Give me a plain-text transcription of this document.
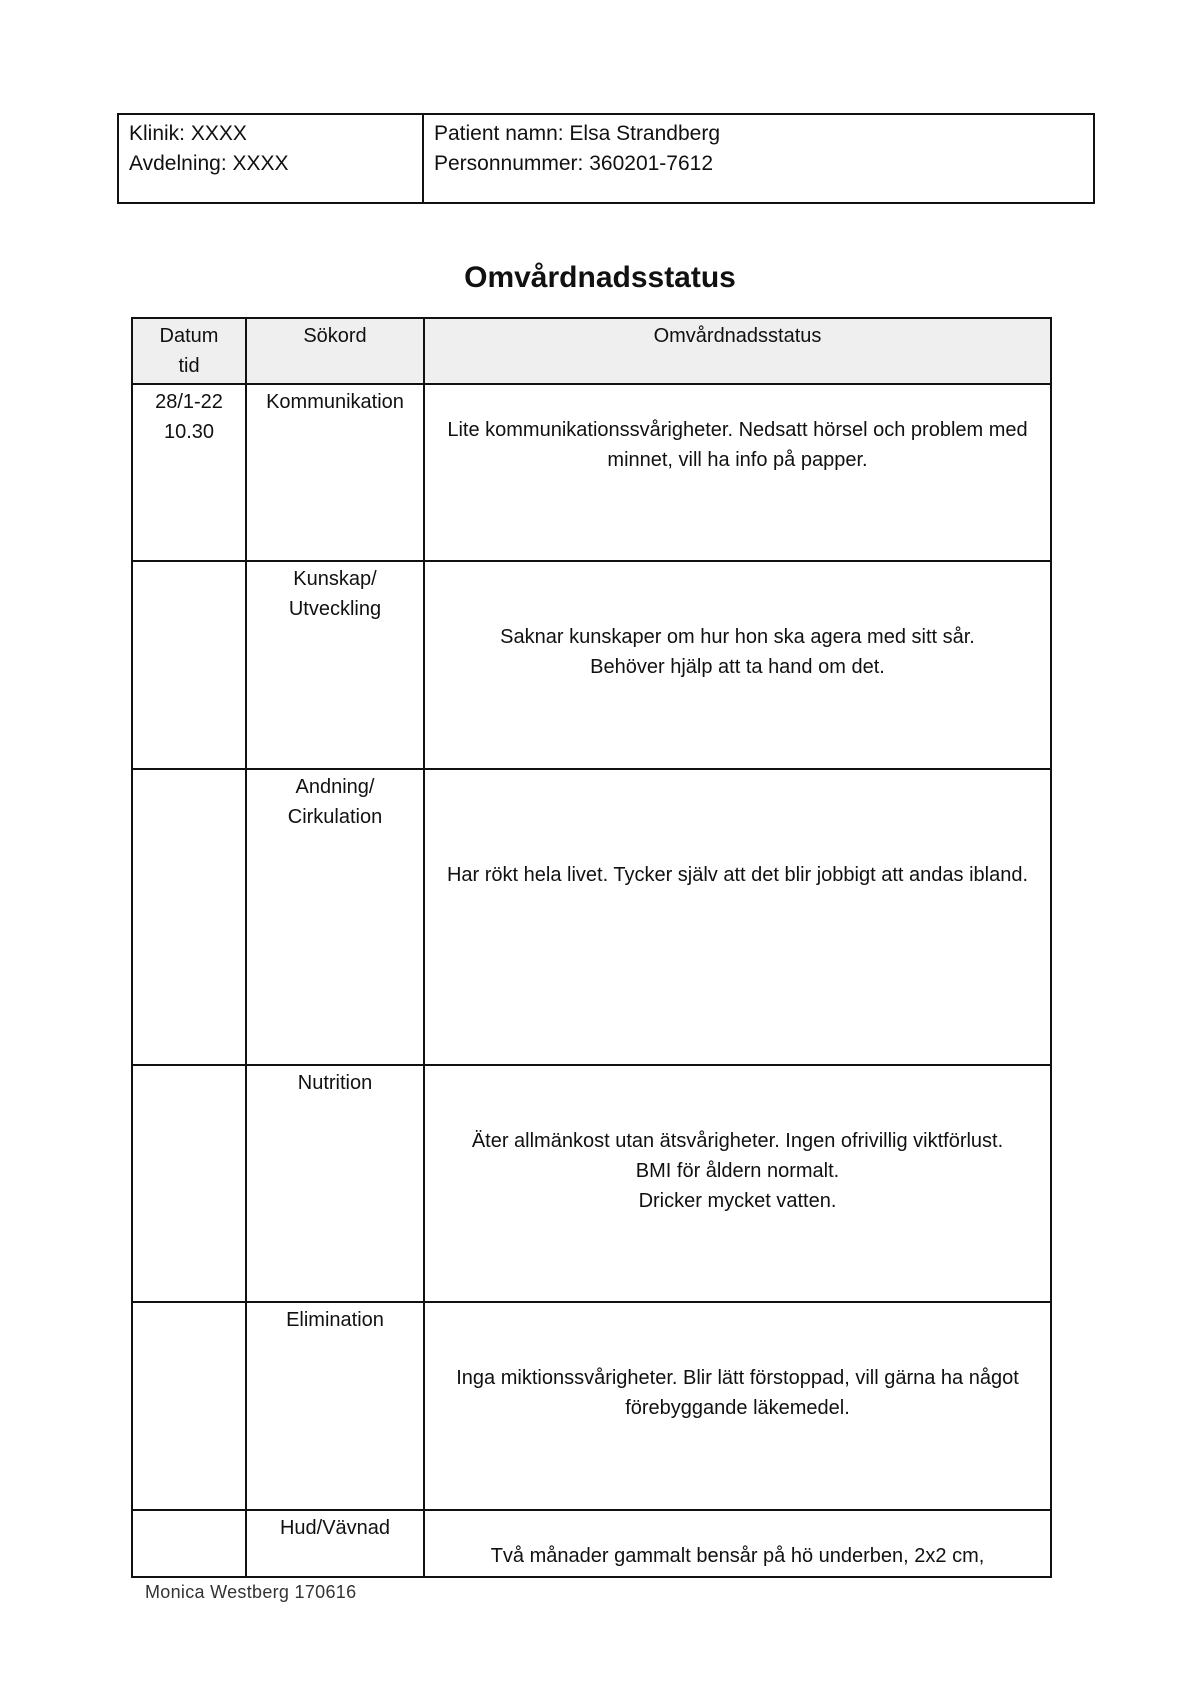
Klinik: XXXX
Avdelning: XXXX
Patient namn: Elsa Strandberg
Personnummer: 360201-7612
Omvårdnadsstatus
Datum
tid	Sökord	Omvårdnadsstatus
28/1-22
10.30	Kommunikation	Lite kommunikationssvårigheter. Nedsatt hörsel och problem med minnet, vill ha info på papper.

	Kunskap/
Utveckling	Saknar kunskaper om hur hon ska agera med sitt sår.
Behöver hjälp att ta hand om det.

	Andning/
Cirkulation	Har rökt hela livet. Tycker själv att det blir jobbigt att andas ibland.

	Nutrition	Äter allmänkost utan ätsvårigheter. Ingen ofrivillig viktförlust.
BMI för åldern normalt.
Dricker mycket vatten.

	Elimination	Inga miktionssvårigheter. Blir lätt förstoppad, vill gärna ha något förebyggande läkemedel.

	Hud/Vävnad	Två månader gammalt bensår på hö underben, 2x2 cm,
Monica Westberg 170616
